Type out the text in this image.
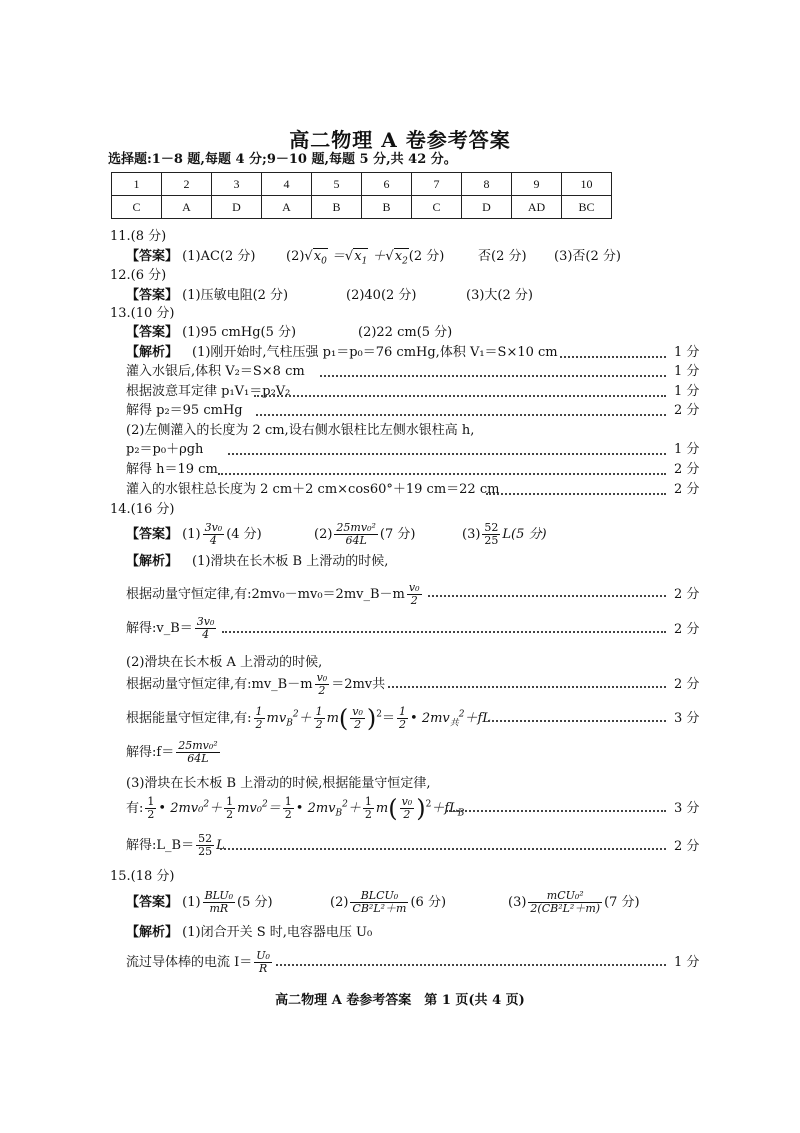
高二物理 A 卷参考答案
选择题:1－8 题,每题 4 分;9－10 题,每题 5 分,共 42 分。
1	2	3	4	5	6	7	8	9	10
C	A	D	A	B	B	C	D	AD	BC
11.(8 分)
【答案】 (1)AC(2 分) $(2)√x_0 =√x_1 +√x_2(2$ 分)	否(2 分) (3)否(2 分)
12.(6 分)
【答案】 (1)压敏电阻(2 分)	(2)40(2 分)	(3)大(2 分)
13.(10 分)
【答案】 (1)95 cmHg(5 分)	(2)22 cm(5 分)
【解析】 (1)刚开始时,气柱压强 p₁＝p₀＝76 cmHg,体积 V₁＝S×10 cm	1 分
灌入水银后,体积 V₂＝S×8 cm	1 分
根据波意耳定律 p₁V₁＝p₂V₂	1 分
解得 p₂＝95 cmHg	2 分
(2)左侧灌入的长度为 2 cm,设右侧水银柱比左侧水银柱高 h,
p₂＝p₀＋ρgh	1 分
解得 h＝19 cm	2 分
灌入的水银柱总长度为 2 cm＋2 cm×cos60°＋19 cm＝22 cm	2 分
14.(16 分)
【答案】 $(1) \frac{\text{3v₀}}{4} (4$ 分)	$(2) \frac{\text{25mv₀²}}{64L} (7$ 分)	$(3) \frac{52}{25} L(5$ 分)
【解析】 (1)滑块在长木板 B 上滑动的时候,
根据动量守恒定律,有:2mv₀－mv₀＝2mv_B－m $\frac{\text{v₀}}{2}$	2 分
解得:v_B＝ $\frac{\text{3v₀}}{4}$	2 分
(2)滑块在长木板 A 上滑动的时候,
根据动量守恒定律,有:mv_B－m $\frac{\text{v₀}}{2} =2mv$共	2 分
根据能量守恒定律,有: $\frac{1}{2} mv_B^2+ \frac{1}{2} m( \frac{\text{v₀}}{2} )^2= \frac{1}{2}$ • $2mv_共^2+fL$	3 分
解得:f＝ $\frac{\text{25mv₀²}}{64L}$
(3)滑块在长木板 B 上滑动的时候,根据能量守恒定律,
有: $\frac{1}{2}$ • $2mv_0^2+ \frac{1}{2} mv_0^2= \frac{1}{2}$ • $2mv_B^2+ \frac{1}{2} m( \frac{\text{v₀}}{2} )^2+fL_B$	3 分
解得:L_B＝ $\frac{52}{25}$ L	2 分
15.(18 分)
【答案】 $(1) \frac{\text{BLU₀}}{mR} (5$ 分)	$(2) \frac{\text{BLCU₀}}{\text{CB²L²＋m}} (6$ 分)	$(3) \frac{\text{mCU₀²}}{\text{2(CB²L²＋m)}} (7$ 分)
【解析】 (1)闭合开关 S 时,电容器电压 U₀
流过导体棒的电流 $I= \frac{\text{U₀}}{R}$	1 分
高二物理 A 卷参考答案　第 1 页(共 4 页)
